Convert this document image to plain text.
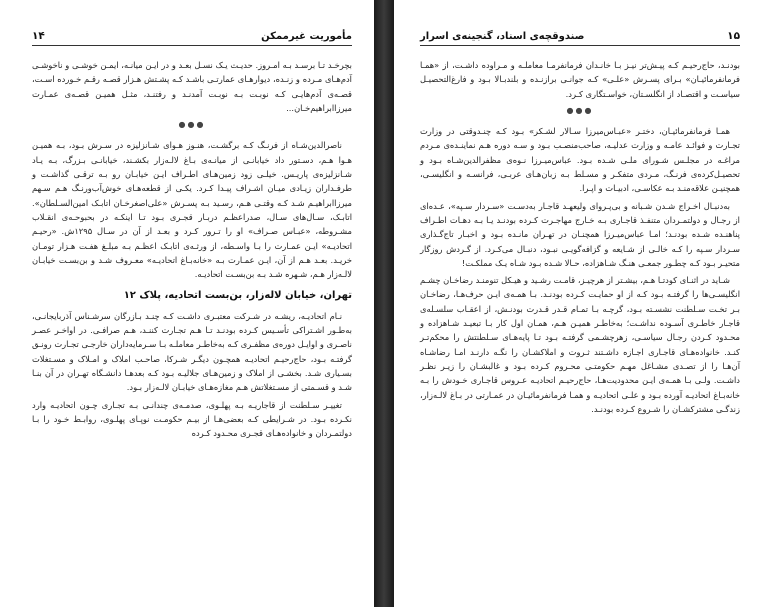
۱۴	مأموریت غیرممکن

بچرخـد تـا برسـد بـه امـروز. حدیـث یـک نسـل بعـد و در ایـن میانـه، ایمـن خوشـی و ناخوشـی آدم‌هـای مـرده و زنـده، دیوارهـای عمارتـی باشـد کـه پشـتش هـزار قصـه رقـم خـورده اسـت، قصـه‌ی آدم‌هایـی کـه نوبـت بـه نوبـت آمدنـد و رفتنـد، مثـل همیـن قصـه‌ی عمـارت میرزاابراهیم‌خـان...

●●●

ناصرالدین‌شـاه از فرنـگ کـه برگشـت، هنـوز هـوای شـانزلیزه در سـرش بـود، بـه همیـن هـوا هـم، دسـتور داد خیابانـی از میانـه‌ی بـاغ لالـه‌زار بکشـند، خیابانـی بـزرگ، بـه یـاد شـانزلیزه‌ی پاریـس. خیلـی زود زمین‌هـای اطـراف ایـن خیابـان رو بـه ترقـی گذاشـت و طرفـداران زیـادی میـان اشـراف پیـدا کـرد. یکـی از قطعه‌هـای خوش‌آب‌ورنـگ هـم سـهم میرزاابراهیـم شـد کـه وقتـی هـم، رسـید بـه پسـرش «علی‌اصغرخـان اتابـک امین‌السـلطان». اتابـک، سـال‌های سـال، صدراعظـم دربـار قجـری بـود تـا اینکـه در بحبوحـه‌ی انقـلاب مشـروطه، «عبـاس صـراف» او را تـرور کـرد و بعـد از آن در سـال ۱۲۹۵ش. «رحیـم اتحادیـه» ایـن عمـارت را بـا واسـطه، از ورثـه‌ی اتابـک اعظـم بـه مبلـغ هفـت هـزار تومـان خریـد. بعـد هـم از آن، ایـن عمـارت بـه «خانه‌بـاغ اتحادیـه» معـروف شـد و بن‌بسـت خیابـان لالـه‌زار هـم، شـهره شـد بـه بن‌بسـت اتحادیـه.

تهران، خیابان لاله‌زار، بن‌بست اتحادیه، پلاک ۱۲

نـام اتحادیـه، ریشـه در شـرکت معتبـری داشـت کـه چنـد بـازرگان سرشـناس آذربایجانـی، به‌طـور اشـتراکی تأسـیس کـرده بودنـد تـا هـم تجـارت کننـد، هـم صرافـی. در اواخـر عصـر ناصـری و اوایـل دوره‌ی مظفـری کـه به‌خاطـر معاملـه بـا سـرمایه‌داران خارجـی تجـارت رونـق گرفتـه بـود، حاج‌رحیـم اتحادیـه همچـون دیگـر شـرکا، صاحـب املاک و امـلاک و مسـتغلات بسـیاری شـد. بخشـی از املاک و زمین‌هـای جلالیـه بـود کـه بعدهـا دانشـگاه تهـران در آن بنـا شـد و قسـمتی از مسـتغلاتش هـم مغازه‌هـای خیابـان لالـه‌زار بـود.

تغییـر سـلطنت از قاجاریـه بـه پهلـوی، صدمـه‌ی چندانـی بـه تجـاری چـون اتحادیـه وارد نکـرده بـود. در شـرایطی کـه بعضی‌هـا از بیـم حکومـت نوپـای پهلـوی، روابـط خـود را بـا دولتمـردان و خانواده‌هـای قجـری محـدود کـرده

صندوقچه‌ی اسناد، گنجینه‌ی اسرار	۱۵

بودنـد، حاج‌رحیـم کـه پیـش‌تر نیـز بـا خانـدان فرمانفرمـا معاملـه و مـراوده داشـت، از «همـا فرمانفرمائیـان» بـرای پسـرش «علـی» کـه جوانـی برازنـده و بلندبـالا بـود و فارغ‌التحصیـل سیاسـت و اقتصـاد از انگلسـتان، خواسـتگاری کـرد.

●●●

همـا فرمانفرمائیـان، دختـر «عبـاس‌میرزا سـالار لشـکر» بـود کـه چنـدوقتی در وزارت تجـارت و فوائـد عامـه و وزارت عدلیـه، صاحب‌منصـب بـود و سـه دوره هـم نماینـده‌ی مـردم مراغـه در مجلـس شـورای ملـی شـده بـود. عباس‌میـرزا نـوه‌ی مظفرالدین‌شـاه بـود و تحصیـل‌کرده‌ی فرنـگ، مـردی متفکـر و مسـلط بـه زبان‌هـای عربـی، فرانسـه و انگلیسـی، همچنیـن علاقه‌منـد بـه عکاسـی، ادبیـات و اپـرا.

به‌دنبـال اخـراج شـدن شـبانه و بی‌پـروای ولیعهـد قاجـار به‌دسـت «سـردار سـپه»، عـده‌ای از رجـال و دولتمـردان متنفـذ قاجـاری بـه خـارج مهاجـرت کـرده بودنـد یـا بـه دهـات اطـراف پناهنـده شـده بودنـد؛ امـا عباس‌میـرزا همچنـان در تهـران مانـده بـود و اخبـار تاج‌گـذاری سـردار سـپه را کـه خالـی از شـایعه و گزافه‌گویـی نبـود، دنبـال می‌کـرد. از گـردش روزگار متحیـر بـود کـه چطـور جمعـی هنـگ شـاهزاده، حـالا شـده بـود شـاه یـک مملکـت!

شـاید در اثنـای کودتـا هـم، بیشـتر از هرچیـز، قامـت رشـید و هیـکل تنومنـد رضاخـان چشـم انگلیسـی‌ها را گرفتـه بـود کـه از او حمایـت کـرده بودنـد. بـا همـه‌ی ایـن حرف‌هـا، رضاخـان بـر تخـت سـلطنت نشسـته بـود، گرچـه بـا تمـام قـدر قـدرت بودنـش، از اعقـاب سلسـله‌ی قاجـار خاطـری آسـوده نداشـت؛ به‌خاطـر همیـن هـم، همـان اول کار بـا تبعیـد شـاهزاده و محـدود کـردن رجـال سیاسـی، زهرچشـمی گرفتـه بـود تـا پایه‌هـای سـلطنتش را محکم‌تـر کنـد. خانواده‌هـای قاجـاری اجـازه داشـتند ثـروت و املاکشـان را نگـه دارنـد امـا رضاشـاه آن‌هـا را از تصـدی مشـاغل مهـم حکومتـی محـروم کـرده بـود و غالبشـان را زیـر نظـر داشـت. ولـی بـا همـه‌ی ایـن محدودیت‌هـا، حاج‌رحیـم اتحادیـه عـروس قاجـاری خـودش را بـه خانه‌بـاغ اتحادیـه آورده بـود و علـی اتحادیـه و همـا فرمانفرمائیـان در عمـارتی در بـاغ لالـه‌زار، زندگـی مشترکشـان را شـروع کـرده بودنـد.
